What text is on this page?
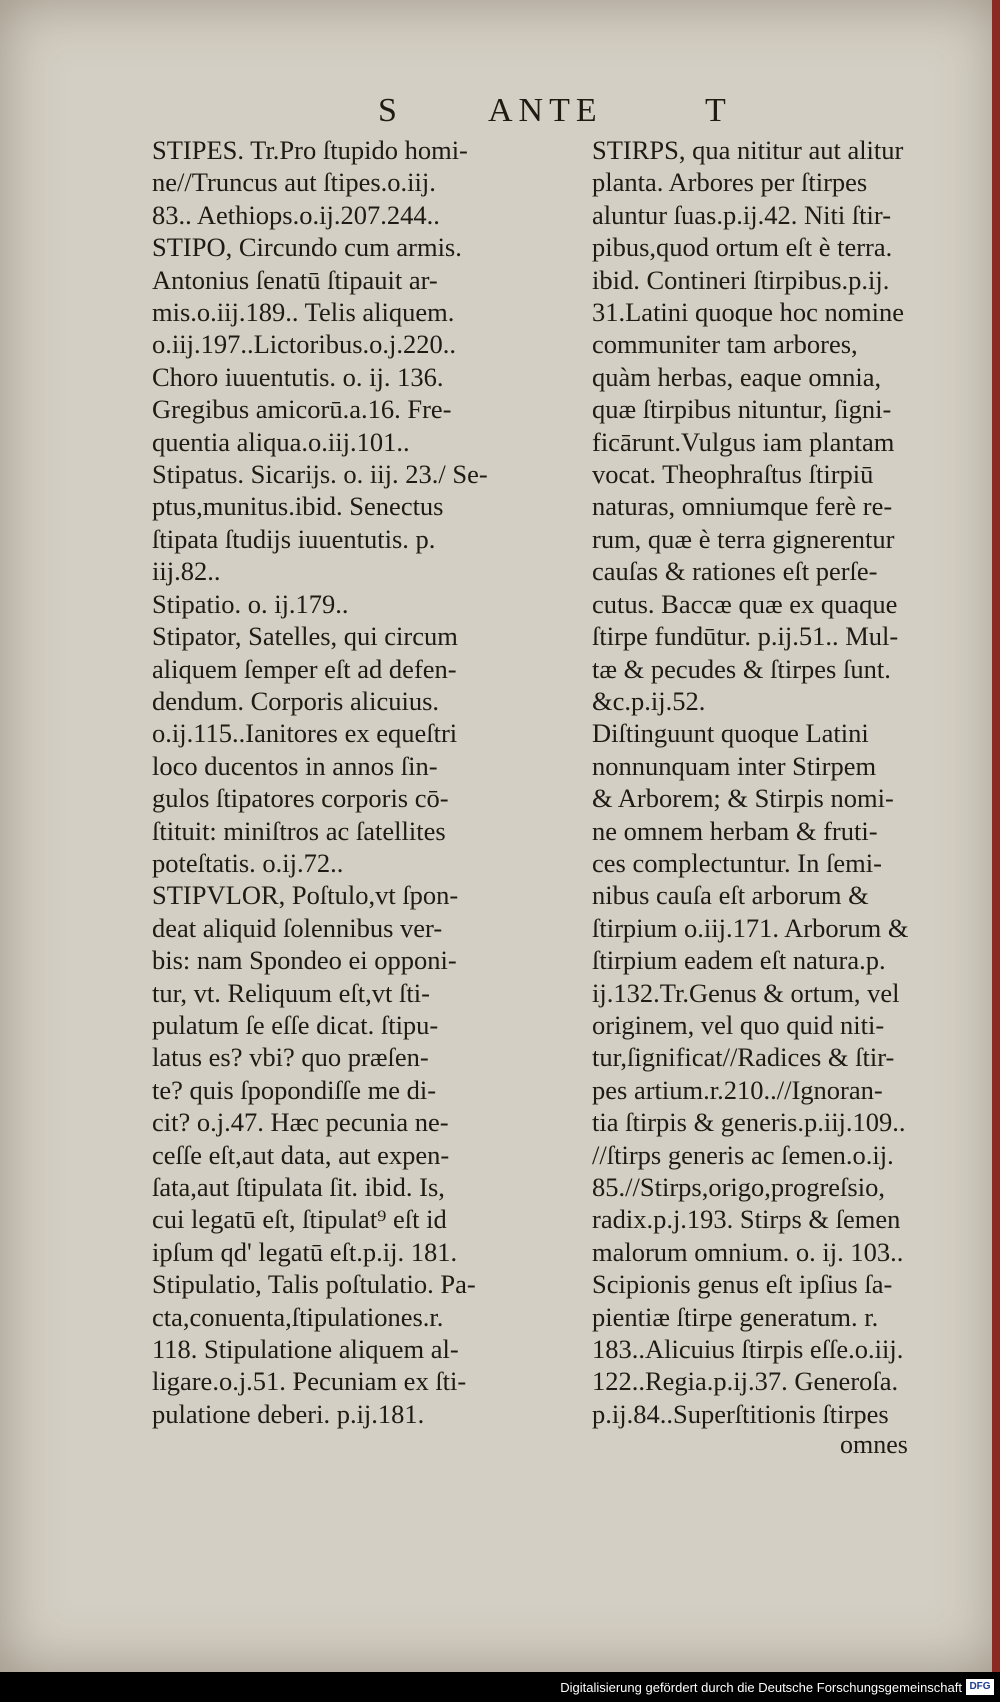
S	ANTE	T

STIPES. Tr.Pro ſtupido homi-
ne//Truncus aut ſtipes.o.iij.
83.. Aethiops.o.ij.207.244..

STIPO, Circundo cum armis.
Antonius ſenatū ſtipauit ar-
mis.o.iij.189.. Telis aliquem.
o.iij.197..Lictoribus.o.j.220..
Choro iuuentutis. o. ij. 136.
Gregibus amicorū.a.16. Fre-
quentia aliqua.o.iij.101..

Stipatus. Sicarijs. o. iij. 23./ Se-
ptus,munitus.ibid. Senectus
ſtipata ſtudijs iuuentutis. p.
iij.82..

Stipatio. o. ij.179..

Stipator, Satelles, qui circum
aliquem ſemper eſt ad defen-
dendum. Corporis alicuius.
o.ij.115..Ianitores ex equeſtri
loco ducentos in annos ſin-
gulos ſtipatores corporis cō-
ſtituit: miniſtros ac ſatellites
poteſtatis. o.ij.72..

STIPVLOR, Poſtulo,vt ſpon-
deat aliquid ſolennibus ver-
bis: nam Spondeo ei opponi-
tur, vt. Reliquum eſt,vt ſti-
pulatum ſe eſſe dicat. ſtipu-
latus es? vbi? quo præſen-
te? quis ſpopondiſſe me di-
cit? o.j.47. Hæc pecunia ne-
ceſſe eſt,aut data, aut expen-
ſata,aut ſtipulata ſit. ibid. Is,
cui legatū eſt, ſtipulat⁹ eſt id
ipſum qd' legatū eſt.p.ij. 181.

Stipulatio, Talis poſtulatio. Pa-
cta,conuenta,ſtipulationes.r.
118. Stipulatione aliquem al-
ligare.o.j.51. Pecuniam ex ſti-
pulatione deberi. p.ij.181.

STIRPS, qua nititur aut alitur
planta. Arbores per ſtirpes
aluntur ſuas.p.ij.42. Niti ſtir-
pibus,quod ortum eſt è terra.
ibid. Contineri ſtirpibus.p.ij.
31.Latini quoque hoc nomine
communiter tam arbores,
quàm herbas, eaque omnia,
quæ ſtirpibus nituntur, ſigni-
ficārunt.Vulgus iam plantam
vocat. Theophraſtus ſtirpiū
naturas, omniumque ferè re-
rum, quæ è terra gignerentur
cauſas & rationes eſt perſe-
cutus. Baccæ quæ ex quaque
ſtirpe fundūtur. p.ij.51.. Mul-
tæ & pecudes & ſtirpes ſunt.
&c.p.ij.52.

Diſtinguunt quoque Latini
nonnunquam inter Stirpem
& Arborem; & Stirpis nomi-
ne omnem herbam & fruti-
ces complectuntur. In ſemi-
nibus cauſa eſt arborum &
ſtirpium o.iij.171. Arborum &
ſtirpium eadem eſt natura.p.
ij.132.Tr.Genus & ortum, vel
originem, vel quo quid niti-
tur,ſignificat//Radices & ſtir-
pes artium.r.210..//Ignoran-
tia ſtirpis & generis.p.iij.109..
//ſtirps generis ac ſemen.o.ij.
85.//Stirps,origo,progreſsio,
radix.p.j.193. Stirps & ſemen
malorum omnium. o. ij. 103..
Scipionis genus eſt ipſius ſa-
pientiæ ſtirpe generatum. r.
183..Alicuius ſtirpis eſſe.o.iij.
122..Regia.p.ij.37. Generoſa.
p.ij.84..Superſtitionis ſtirpes

omnes
Digitalisierung gefördert durch die Deutsche Forschungsgemeinschaft DFG
